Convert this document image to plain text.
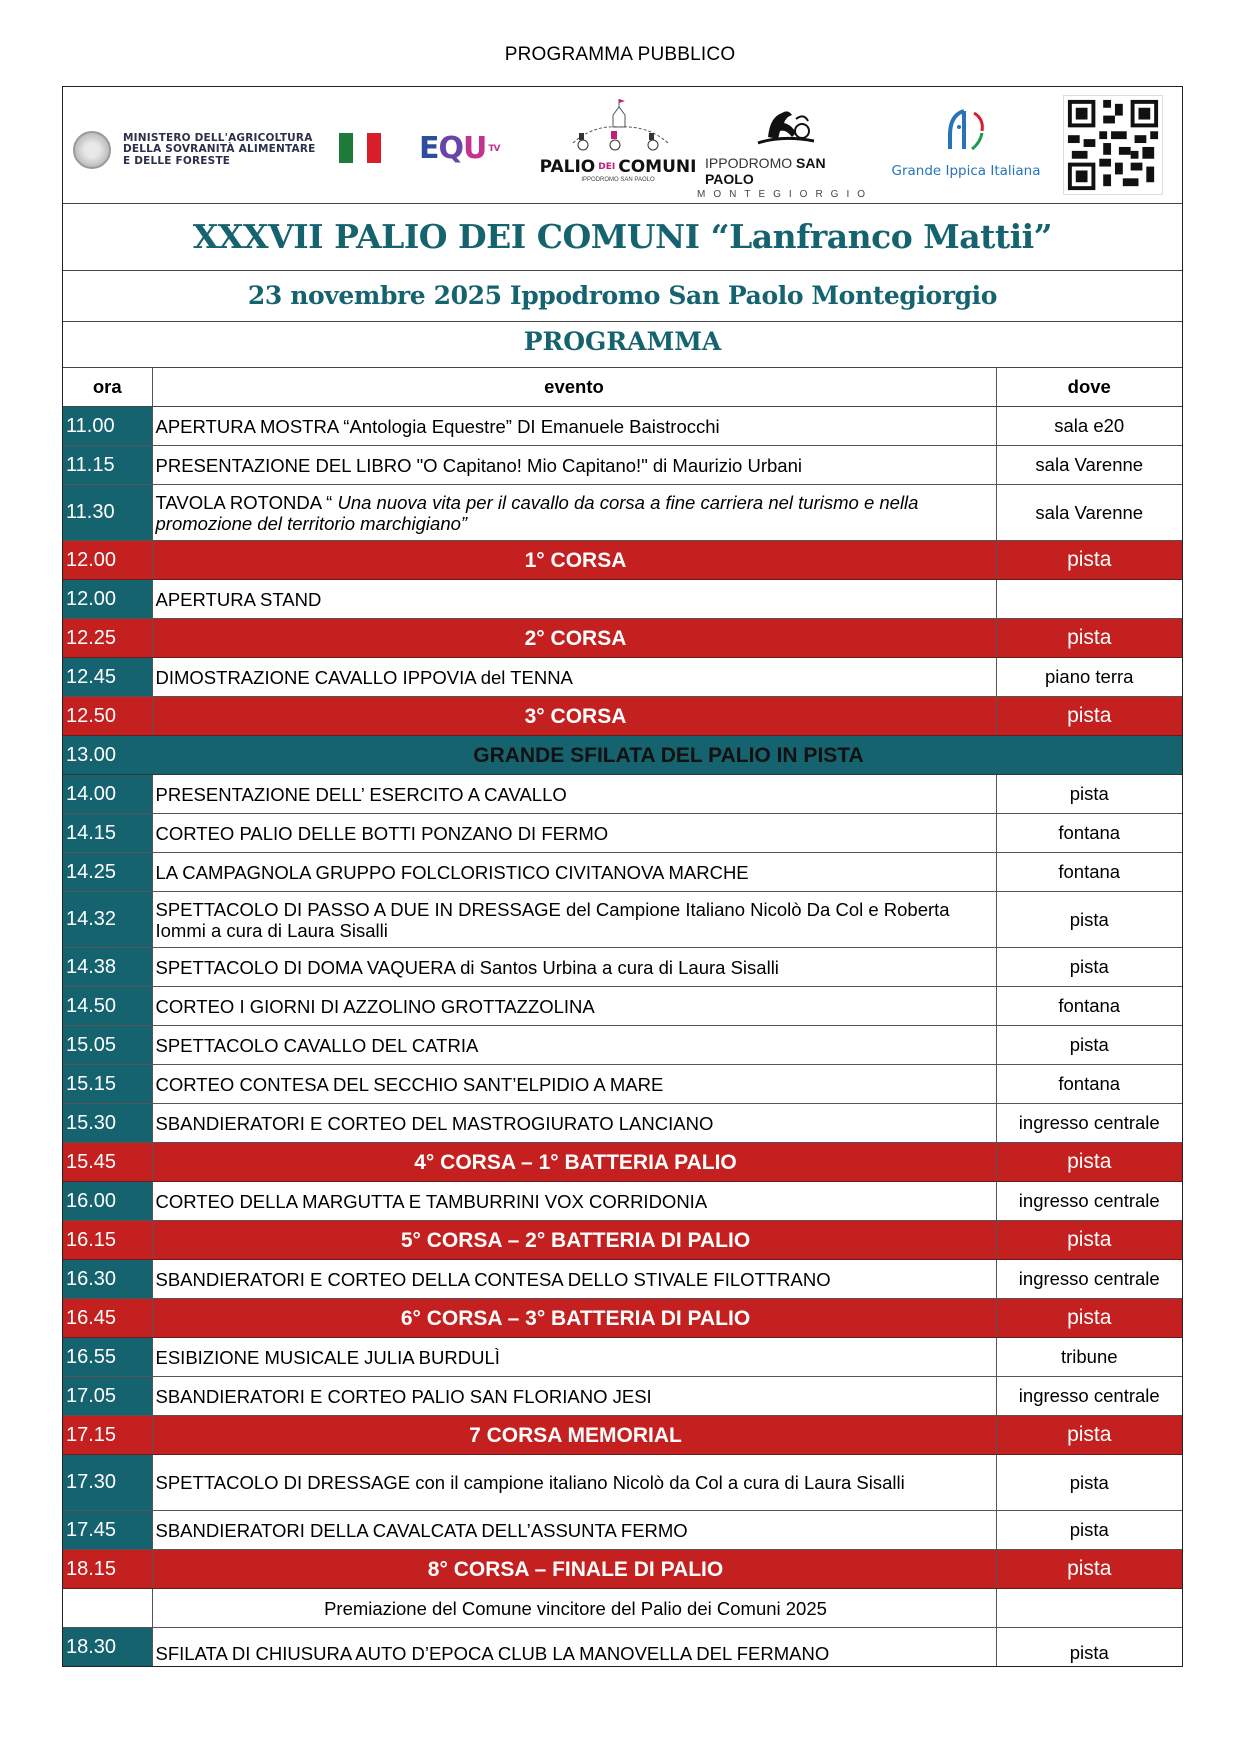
PROGRAMMA PUBBLICO
MINISTERO DELL'AGRICOLTURA
DELLA SOVRANITÀ ALIMENTARE
E DELLE FORESTE	E Q U TV
PALIO DEI COMUNI
IPPODROMO SAN PAOLO
IPPODROMO SAN PAOLO
MONTEGIORGIO
Grande Ippica Italiana
XXXVII PALIO DEI COMUNI “Lanfranco Mattii”
23 novembre 2025 Ippodromo San Paolo Montegiorgio
PROGRAMMA
ora	evento	dove
11.00	APERTURA MOSTRA “Antologia Equestre” DI Emanuele Baistrocchi	sala e20
11.15	PRESENTAZIONE DEL LIBRO "O Capitano! Mio Capitano!" di Maurizio Urbani	sala Varenne
11.30	TAVOLA ROTONDA “ Una nuova vita per il cavallo da corsa a fine carriera nel turismo e nella promozione del territorio marchigiano”	sala Varenne
12.00	1° CORSA	pista
12.00	APERTURA STAND	
12.25	2° CORSA	pista
12.45	DIMOSTRAZIONE CAVALLO IPPOVIA del TENNA	piano terra
12.50	3° CORSA	pista
13.00	GRANDE SFILATA DEL PALIO IN PISTA	
14.00	PRESENTAZIONE DELL’ ESERCITO A CAVALLO	pista
14.15	CORTEO PALIO DELLE BOTTI PONZANO DI FERMO	fontana
14.25	LA CAMPAGNOLA GRUPPO FOLCLORISTICO CIVITANOVA MARCHE	fontana
14.32	SPETTACOLO DI PASSO A DUE IN DRESSAGE del Campione Italiano Nicolò Da Col e Roberta Iommi a cura di Laura Sisalli	pista
14.38	SPETTACOLO DI DOMA VAQUERA di Santos Urbina a cura di Laura Sisalli	pista
14.50	CORTEO I GIORNI DI AZZOLINO GROTTAZZOLINA	fontana
15.05	SPETTACOLO CAVALLO DEL CATRIA	pista
15.15	CORTEO CONTESA DEL SECCHIO SANT’ELPIDIO A MARE	fontana
15.30	SBANDIERATORI E CORTEO DEL MASTROGIURATO LANCIANO	ingresso centrale
15.45	4° CORSA – 1° BATTERIA PALIO	pista
16.00	CORTEO DELLA MARGUTTA E TAMBURRINI VOX CORRIDONIA	ingresso centrale
16.15	5° CORSA – 2° BATTERIA DI PALIO	pista
16.30	SBANDIERATORI E CORTEO DELLA CONTESA DELLO STIVALE FILOTTRANO	ingresso centrale
16.45	6° CORSA – 3° BATTERIA DI PALIO	pista
16.55	ESIBIZIONE MUSICALE JULIA BURDULÌ	tribune
17.05	SBANDIERATORI E CORTEO PALIO SAN FLORIANO JESI	ingresso centrale
17.15	7 CORSA MEMORIAL	pista
17.30	SPETTACOLO DI DRESSAGE con il campione italiano Nicolò da Col a cura di Laura Sisalli	pista
17.45	SBANDIERATORI DELLA CAVALCATA DELL’ASSUNTA FERMO	pista
18.15	8° CORSA – FINALE DI PALIO	pista
	Premiazione del Comune vincitore del Palio dei Comuni 2025	
18.30	SFILATA DI CHIUSURA AUTO D’EPOCA CLUB LA MANOVELLA DEL FERMANO	pista
